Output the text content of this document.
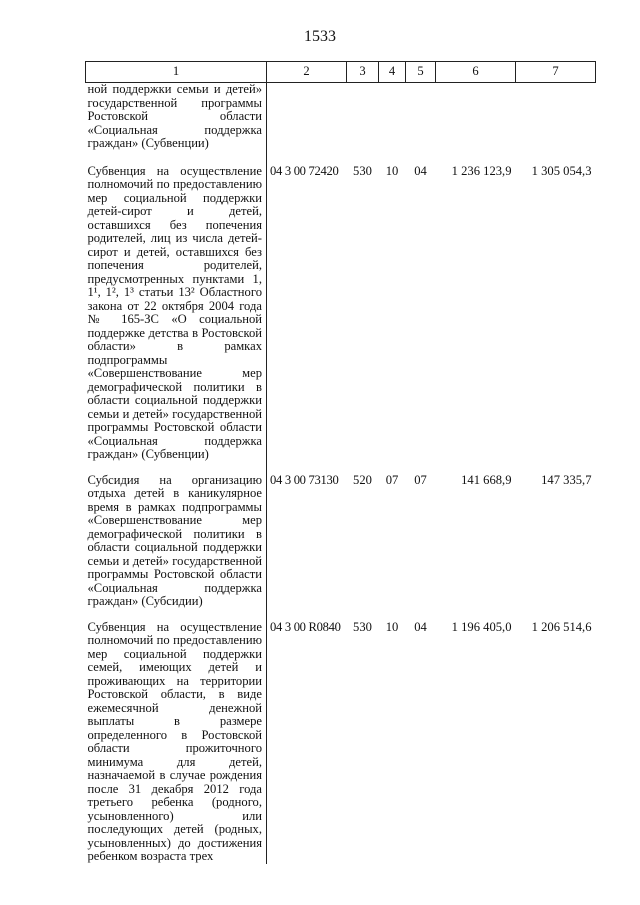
1533
1	2	3	4	5	6	7
ной поддержки семьи и детей» государственной программы Ростовской области «Социальная поддержка граждан» (Субвенции)						

Субвенция на осуществление полномочий по предоставлению мер социальной поддержки детей-сирот и детей, оставшихся без попечения родителей, лиц из числа детей-сирот и детей, оставшихся без попечения родителей, предусмотренных пунктами 1, 1¹, 1², 1³ статьи 13² Областного закона от 22 октября 2004 года № 165-ЗС «О социальной поддержке детства в Ростовской области» в рамках подпрограммы «Совершенствование мер демографической политики в области социальной поддержки семьи и детей» государственной программы Ростовской области «Социальная поддержка граждан» (Субвенции)	04 3 00 72420	530	10	04	1 236 123,9	1 305 054,3

Субсидия на организацию отдыха детей в каникулярное время в рамках подпрограммы «Совершенствование мер демографической политики в области социальной поддержки семьи и детей» государственной программы Ростовской области «Социальная поддержка граждан» (Субсидии)	04 3 00 73130	520	07	07	141 668,9	147 335,7

Субвенция на осуществление полномочий по предоставлению мер социальной поддержки семей, имеющих детей и проживающих на территории Ростовской области, в виде ежемесячной денежной выплаты в размере определенного в Ростовской области прожиточного минимума для детей, назначаемой в случае рождения после 31 декабря 2012 года третьего ребенка (родного, усыновленного) или последующих детей (родных, усыновленных) до достижения ребенком возраста трех	04 3 00 R0840	530	10	04	1 196 405,0	1 206 514,6
